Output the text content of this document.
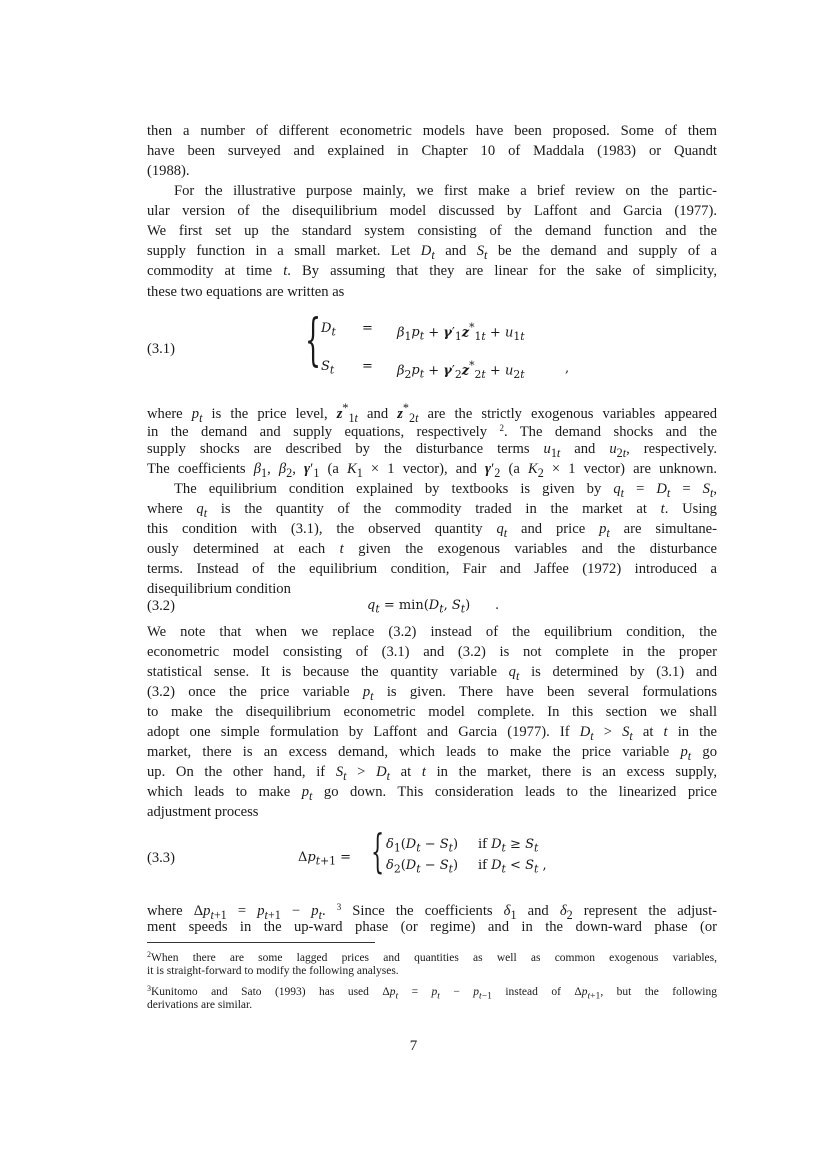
then a number of different econometric models have been proposed. Some of them
have been surveyed and explained in Chapter 10 of Maddala (1983) or Quandt
(1988).
For the illustrative purpose mainly, we first make a brief review on the partic-
ular version of the disequilibrium model discussed by Laffont and Garcia (1977).
We first set up the standard system consisting of the demand function and the
supply function in a small market. Let $D_t$ and $S_t$ be the demand and supply of a
commodity at time t. By assuming that they are linear for the sake of simplicity,
these two equations are written as
(3.1) { $D_t = \beta_1p_t + \gamma'_1z^*_{1t} + u_{1t}$
$S_t = \beta_2p_t + \gamma'_2z^*_{2t} + u_{2t}$	,
where $p_t$ is the price level, $z^*_{1t}$ and $z^*_{2t}$ are the strictly exogenous variables appeared
in the demand and supply equations, respectively $^2$. The demand shocks and the
supply shocks are described by the disturbance terms $u_{1t}$ and $u_{2t}$, respectively.
The coefficients $\beta_1$, $\beta_2$, $\gamma'_1$ (a $K_1 \times 1$ vector), and $\gamma'_2$ (a $K_2 \times 1$ vector) are unknown.
The equilibrium condition explained by textbooks is given by $q_t = D_t = S_t$,
where $q_t$ is the quantity of the commodity traded in the market at t. Using
this condition with (3.1), the observed quantity $q_t$ and price $p_t$ are simultane-
ously determined at each t given the exogenous variables and the disturbance
terms. Instead of the equilibrium condition, Fair and Jaffee (1972) introduced a
disequilibrium condition
(3.2)	$q_t = \min(D_t$, $S_t$) .
We note that when we replace (3.2) instead of the equilibrium condition, the
econometric model consisting of (3.1) and (3.2) is not complete in the proper
statistical sense. It is because the quantity variable $q_t$ is determined by (3.1) and
(3.2) once the price variable $p_t$ is given. There have been several formulations
to make the disequilibrium econometric model complete. In this section we shall
adopt one simple formulation by Laffont and Garcia (1977). If $D_t > S_t$ at t in the
market, there is an excess demand, which leads to make the price variable $p_t$ go
up. On the other hand, if $S_t > D_t$ at t in the market, there is an excess supply,
which leads to make $p_t$ go down. This consideration leads to the linearized price
adjustment process
(3.3)	$\Delta p_{t+1}$ = { $\delta_1(D_t - S_t)$ if $D_t \ge S_t$
$\delta_2(D_t - S_t)$ if $D_t < S_t$ ,
where $\Delta p_{t+1} = p_{t+1} - p_t$. $^3$ Since the coefficients $\delta_1$ and $\delta_2$ represent the adjust-
ment speeds in the up-ward phase (or regime) and in the down-ward phase (or
$^2$When there are some lagged prices and quantities as well as common exogenous variables,
it is straight-forward to modify the following analyses.
$^3$Kunitomo and Sato (1993) has used $\Delta p_t = p_t - p_{t-1}$ instead of $\Delta p_{t+1}$, but the following
derivations are similar.
7
